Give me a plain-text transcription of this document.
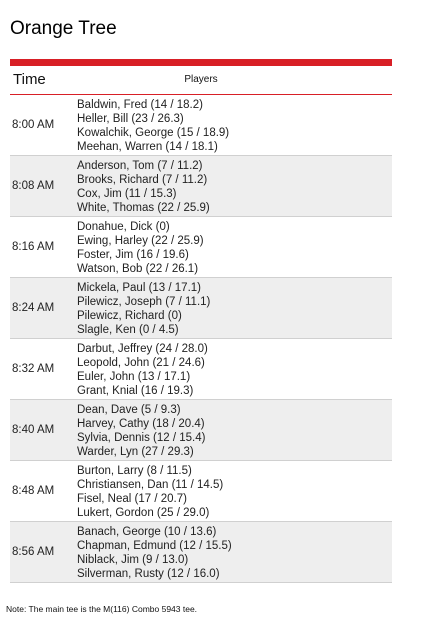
Orange Tree
Time	Players
8:00 AM
Baldwin, Fred (14 / 18.2)
Heller, Bill (23 / 26.3)
Kowalchik, George (15 / 18.9)
Meehan, Warren (14 / 18.1)
8:08 AM
Anderson, Tom (7 / 11.2)
Brooks, Richard (7 / 11.2)
Cox, Jim (11 / 15.3)
White, Thomas (22 / 25.9)
8:16 AM
Donahue, Dick (0)
Ewing, Harley (22 / 25.9)
Foster, Jim (16 / 19.6)
Watson, Bob (22 / 26.1)
8:24 AM
Mickela, Paul (13 / 17.1)
Pilewicz, Joseph (7 / 11.1)
Pilewicz, Richard (0)
Slagle, Ken (0 / 4.5)
8:32 AM
Darbut, Jeffrey (24 / 28.0)
Leopold, John (21 / 24.6)
Euler, John (13 / 17.1)
Grant, Knial (16 / 19.3)
8:40 AM
Dean, Dave (5 / 9.3)
Harvey, Cathy (18 / 20.4)
Sylvia, Dennis (12 / 15.4)
Warder, Lyn (27 / 29.3)
8:48 AM
Burton, Larry (8 / 11.5)
Christiansen, Dan (11 / 14.5)
Fisel, Neal (17 / 20.7)
Lukert, Gordon (25 / 29.0)
8:56 AM
Banach, George (10 / 13.6)
Chapman, Edmund (12 / 15.5)
Niblack, Jim (9 / 13.0)
Silverman, Rusty (12 / 16.0)
Note: The main tee is the M(116) Combo 5943 tee.
